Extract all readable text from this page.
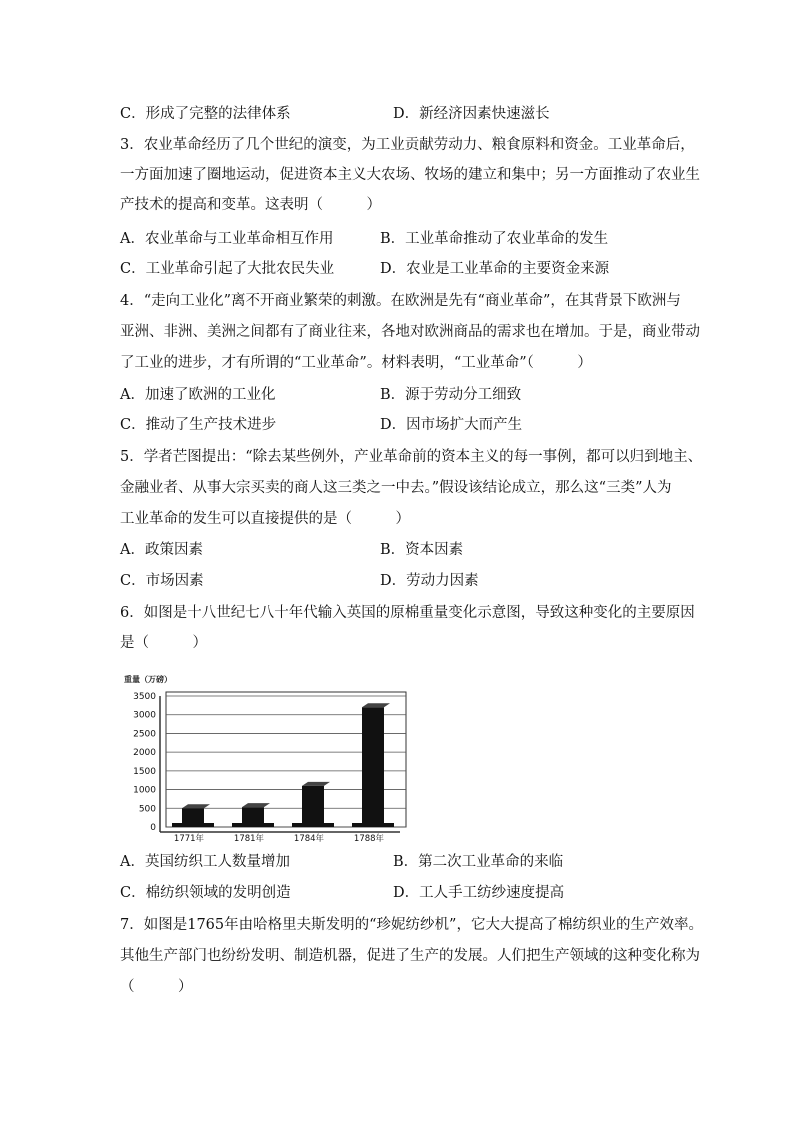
C．形成了完整的法律体系	D．新经济因素快速滋长
3．农业革命经历了几个世纪的演变，为工业贡献劳动力、粮食原料和资金。工业革命后，
一方面加速了圈地运动，促进资本主义大农场、牧场的建立和集中；另一方面推动了农业生
产技术的提高和变革。这表明（　　　）
A．农业革命与工业革命相互作用	B．工业革命推动了农业革命的发生
C．工业革命引起了大批农民失业	D．农业是工业革命的主要资金来源
4．“走向工业化”离不开商业繁荣的刺激。在欧洲是先有“商业革命”，在其背景下欧洲与
亚洲、非洲、美洲之间都有了商业往来，各地对欧洲商品的需求也在增加。于是，商业带动
了工业的进步，才有所谓的“工业革命”。材料表明，“工业革命”（　　　）
A．加速了欧洲的工业化	B．源于劳动分工细致
C．推动了生产技术进步	D．因市场扩大而产生
5．学者芒图提出：“除去某些例外，产业革命前的资本主义的每一事例，都可以归到地主、
金融业者、从事大宗买卖的商人这三类之一中去。”假设该结论成立，那么这“三类”人为
工业革命的发生可以直接提供的是（　　　）
A．政策因素	B．资本因素
C．市场因素	D．劳动力因素
6．如图是十八世纪七八十年代输入英国的原棉重量变化示意图，导致这种变化的主要原因
是（　　　）
重量（万磅）
3500
3000
2500
2000
1500
1000
500
0
1771年	1781年	1784年	1788年
A．英国纺织工人数量增加	B．第二次工业革命的来临
C．棉纺织领域的发明创造	D．工人手工纺纱速度提高
7．如图是1765年由哈格里夫斯发明的“珍妮纺纱机”，它大大提高了棉纺织业的生产效率。
其他生产部门也纷纷发明、制造机器，促进了生产的发展。人们把生产领域的这种变化称为
（　　　）
